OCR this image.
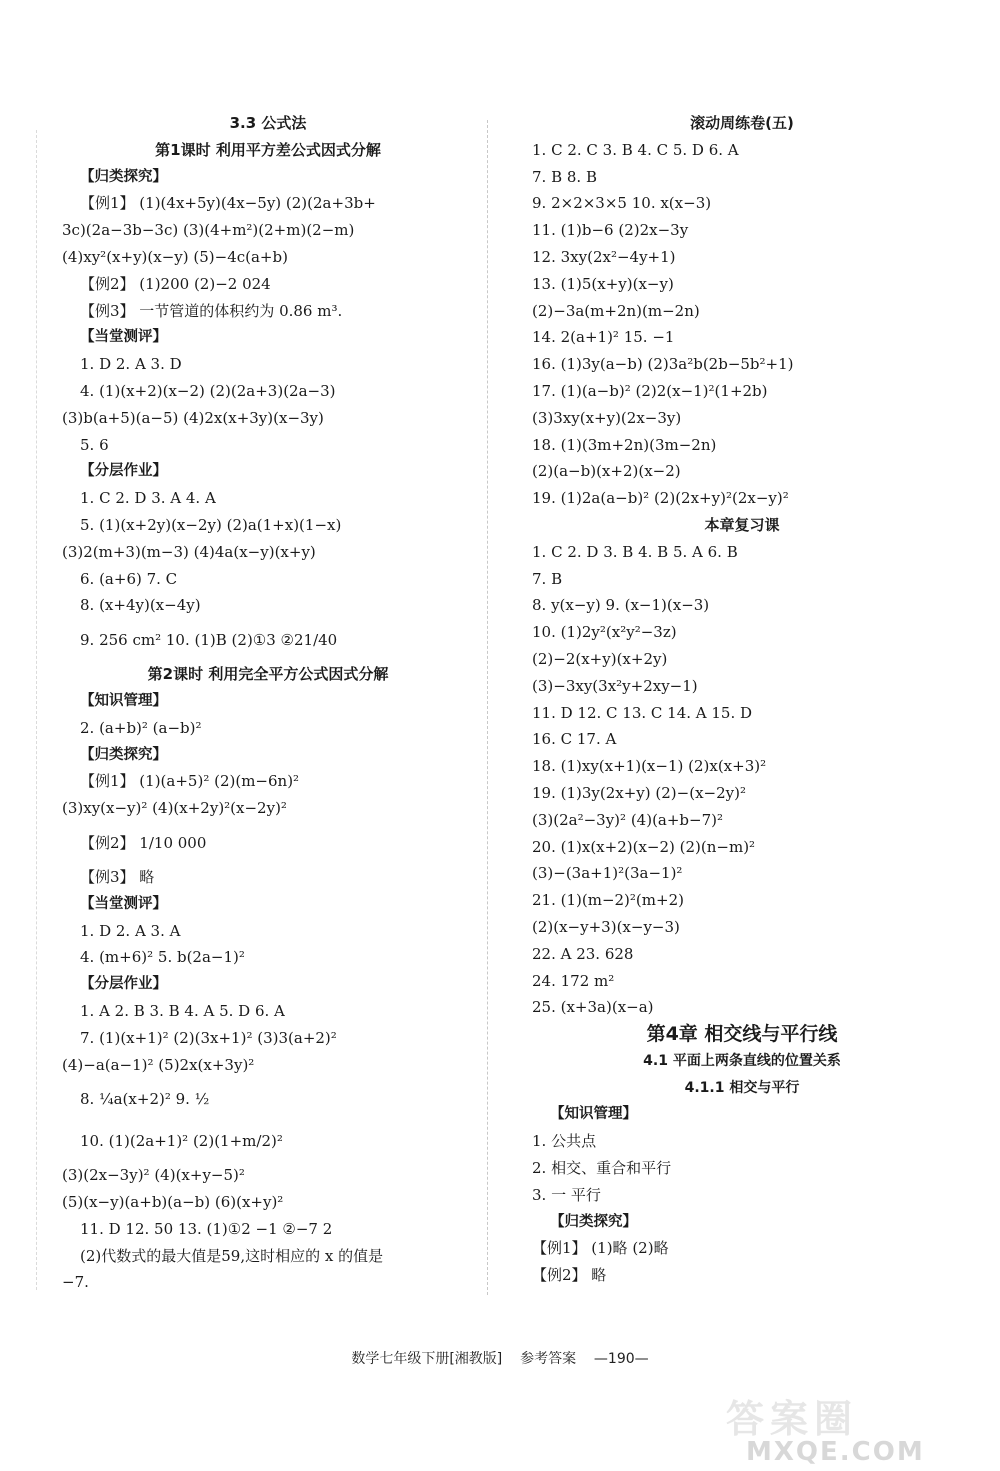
3.3 公式法
第1课时 利用平方差公式因式分解
【归类探究】
【例1】 (1)(4x+5y)(4x−5y) (2)(2a+3b+
3c)(2a−3b−3c) (3)(4+m²)(2+m)(2−m)
(4)xy²(x+y)(x−y) (5)−4c(a+b)
【例2】 (1)200 (2)−2 024
【例3】 一节管道的体积约为 0.86 m³.
【当堂测评】
1. D 2. A 3. D
4. (1)(x+2)(x−2) (2)(2a+3)(2a−3)
(3)b(a+5)(a−5) (4)2x(x+3y)(x−3y)
5. 6
【分层作业】
1. C 2. D 3. A 4. A
5. (1)(x+2y)(x−2y) (2)a(1+x)(1−x)
(3)2(m+3)(m−3) (4)4a(x−y)(x+y)
6. (a+6) 7. C
8. (x+4y)(x−4y)
9. 256 cm² 10. (1)B (2)①3 ②21/40
第2课时 利用完全平方公式因式分解
【知识管理】
2. (a+b)² (a−b)²
【归类探究】
【例1】 (1)(a+5)² (2)(m−6n)²
(3)xy(x−y)² (4)(x+2y)²(x−2y)²
【例2】 1/10 000
【例3】 略
【当堂测评】
1. D 2. A 3. A
4. (m+6)² 5. b(2a−1)²
【分层作业】
1. A 2. B 3. B 4. A 5. D 6. A
7. (1)(x+1)² (2)(3x+1)² (3)3(a+2)²
(4)−a(a−1)² (5)2x(x+3y)²
8. ¼a(x+2)² 9. ½
10. (1)(2a+1)² (2)(1+m/2)²
(3)(2x−3y)² (4)(x+y−5)²
(5)(x−y)(a+b)(a−b) (6)(x+y)²
11. D 12. 50 13. (1)①2 −1 ②−7 2
(2)代数式的最大值是59,这时相应的 x 的值是
−7.
滚动周练卷(五)
1. C 2. C 3. B 4. C 5. D 6. A
7. B 8. B
9. 2×2×3×5 10. x(x−3)
11. (1)b−6 (2)2x−3y
12. 3xy(2x²−4y+1)
13. (1)5(x+y)(x−y)
(2)−3a(m+2n)(m−2n)
14. 2(a+1)² 15. −1
16. (1)3y(a−b) (2)3a²b(2b−5b²+1)
17. (1)(a−b)² (2)2(x−1)²(1+2b)
(3)3xy(x+y)(2x−3y)
18. (1)(3m+2n)(3m−2n)
(2)(a−b)(x+2)(x−2)
19. (1)2a(a−b)² (2)(2x+y)²(2x−y)²
本章复习课
1. C 2. D 3. B 4. B 5. A 6. B
7. B
8. y(x−y) 9. (x−1)(x−3)
10. (1)2y²(x²y²−3z)
(2)−2(x+y)(x+2y)
(3)−3xy(3x²y+2xy−1)
11. D 12. C 13. C 14. A 15. D
16. C 17. A
18. (1)xy(x+1)(x−1) (2)x(x+3)²
19. (1)3y(2x+y) (2)−(x−2y)²
(3)(2a²−3y)² (4)(a+b−7)²
20. (1)x(x+2)(x−2) (2)(n−m)²
(3)−(3a+1)²(3a−1)²
21. (1)(m−2)²(m+2)
(2)(x−y+3)(x−y−3)
22. A 23. 628
24. 172 m²
25. (x+3a)(x−a)
第4章 相交线与平行线
4.1 平面上两条直线的位置关系
4.1.1 相交与平行
【知识管理】
1. 公共点
2. 相交、重合和平行
3. 一 平行
【归类探究】
【例1】 (1)略 (2)略
【例2】 略
数学七年级下册[湘教版] 参考答案 —190—
答案圈
MXQE.COM
